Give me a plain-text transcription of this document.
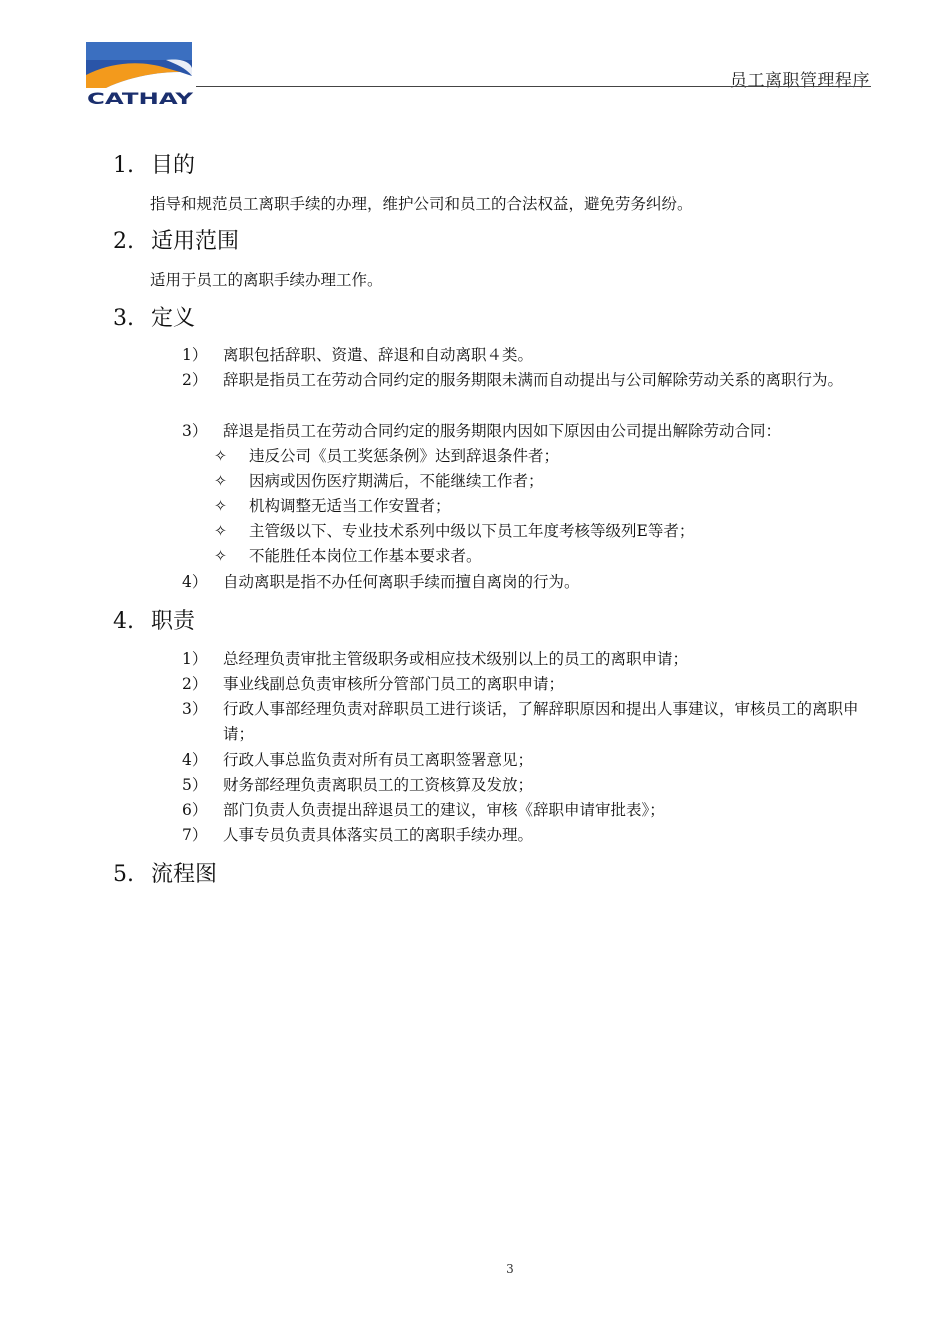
CATHAY
员工离职管理程序
1. 目的
指导和规范员工离职手续的办理，维护公司和员工的合法权益，避免劳务纠纷。
2. 适用范围
适用于员工的离职手续办理工作。
3. 定义
1）	离职包括辞职、资遣、辞退和自动离职４类。
2）	辞职是指员工在劳动合同约定的服务期限未满而自动提出与公司解除劳动关系的离职行为。
3）	辞退是指员工在劳动合同约定的服务期限内因如下原因由公司提出解除劳动合同：
✧ 违反公司《员工奖惩条例》达到辞退条件者；
✧ 因病或因伤医疗期满后，不能继续工作者；
✧ 机构调整无适当工作安置者；
✧ 主管级以下、专业技术系列中级以下员工年度考核等级列E等者；
✧ 不能胜任本岗位工作基本要求者。
4）	自动离职是指不办任何离职手续而擅自离岗的行为。
4. 职责
1）	总经理负责审批主管级职务或相应技术级别以上的员工的离职申请；
2）	事业线副总负责审核所分管部门员工的离职申请；
3）	行政人事部经理负责对辞职员工进行谈话，了解辞职原因和提出人事建议，审核员工的离职申请；
4）	行政人事总监负责对所有员工离职签署意见；
5）	财务部经理负责离职员工的工资核算及发放；
6）	部门负责人负责提出辞退员工的建议，审核《辞职申请审批表》；
7）	人事专员负责具体落实员工的离职手续办理。
5. 流程图
3
